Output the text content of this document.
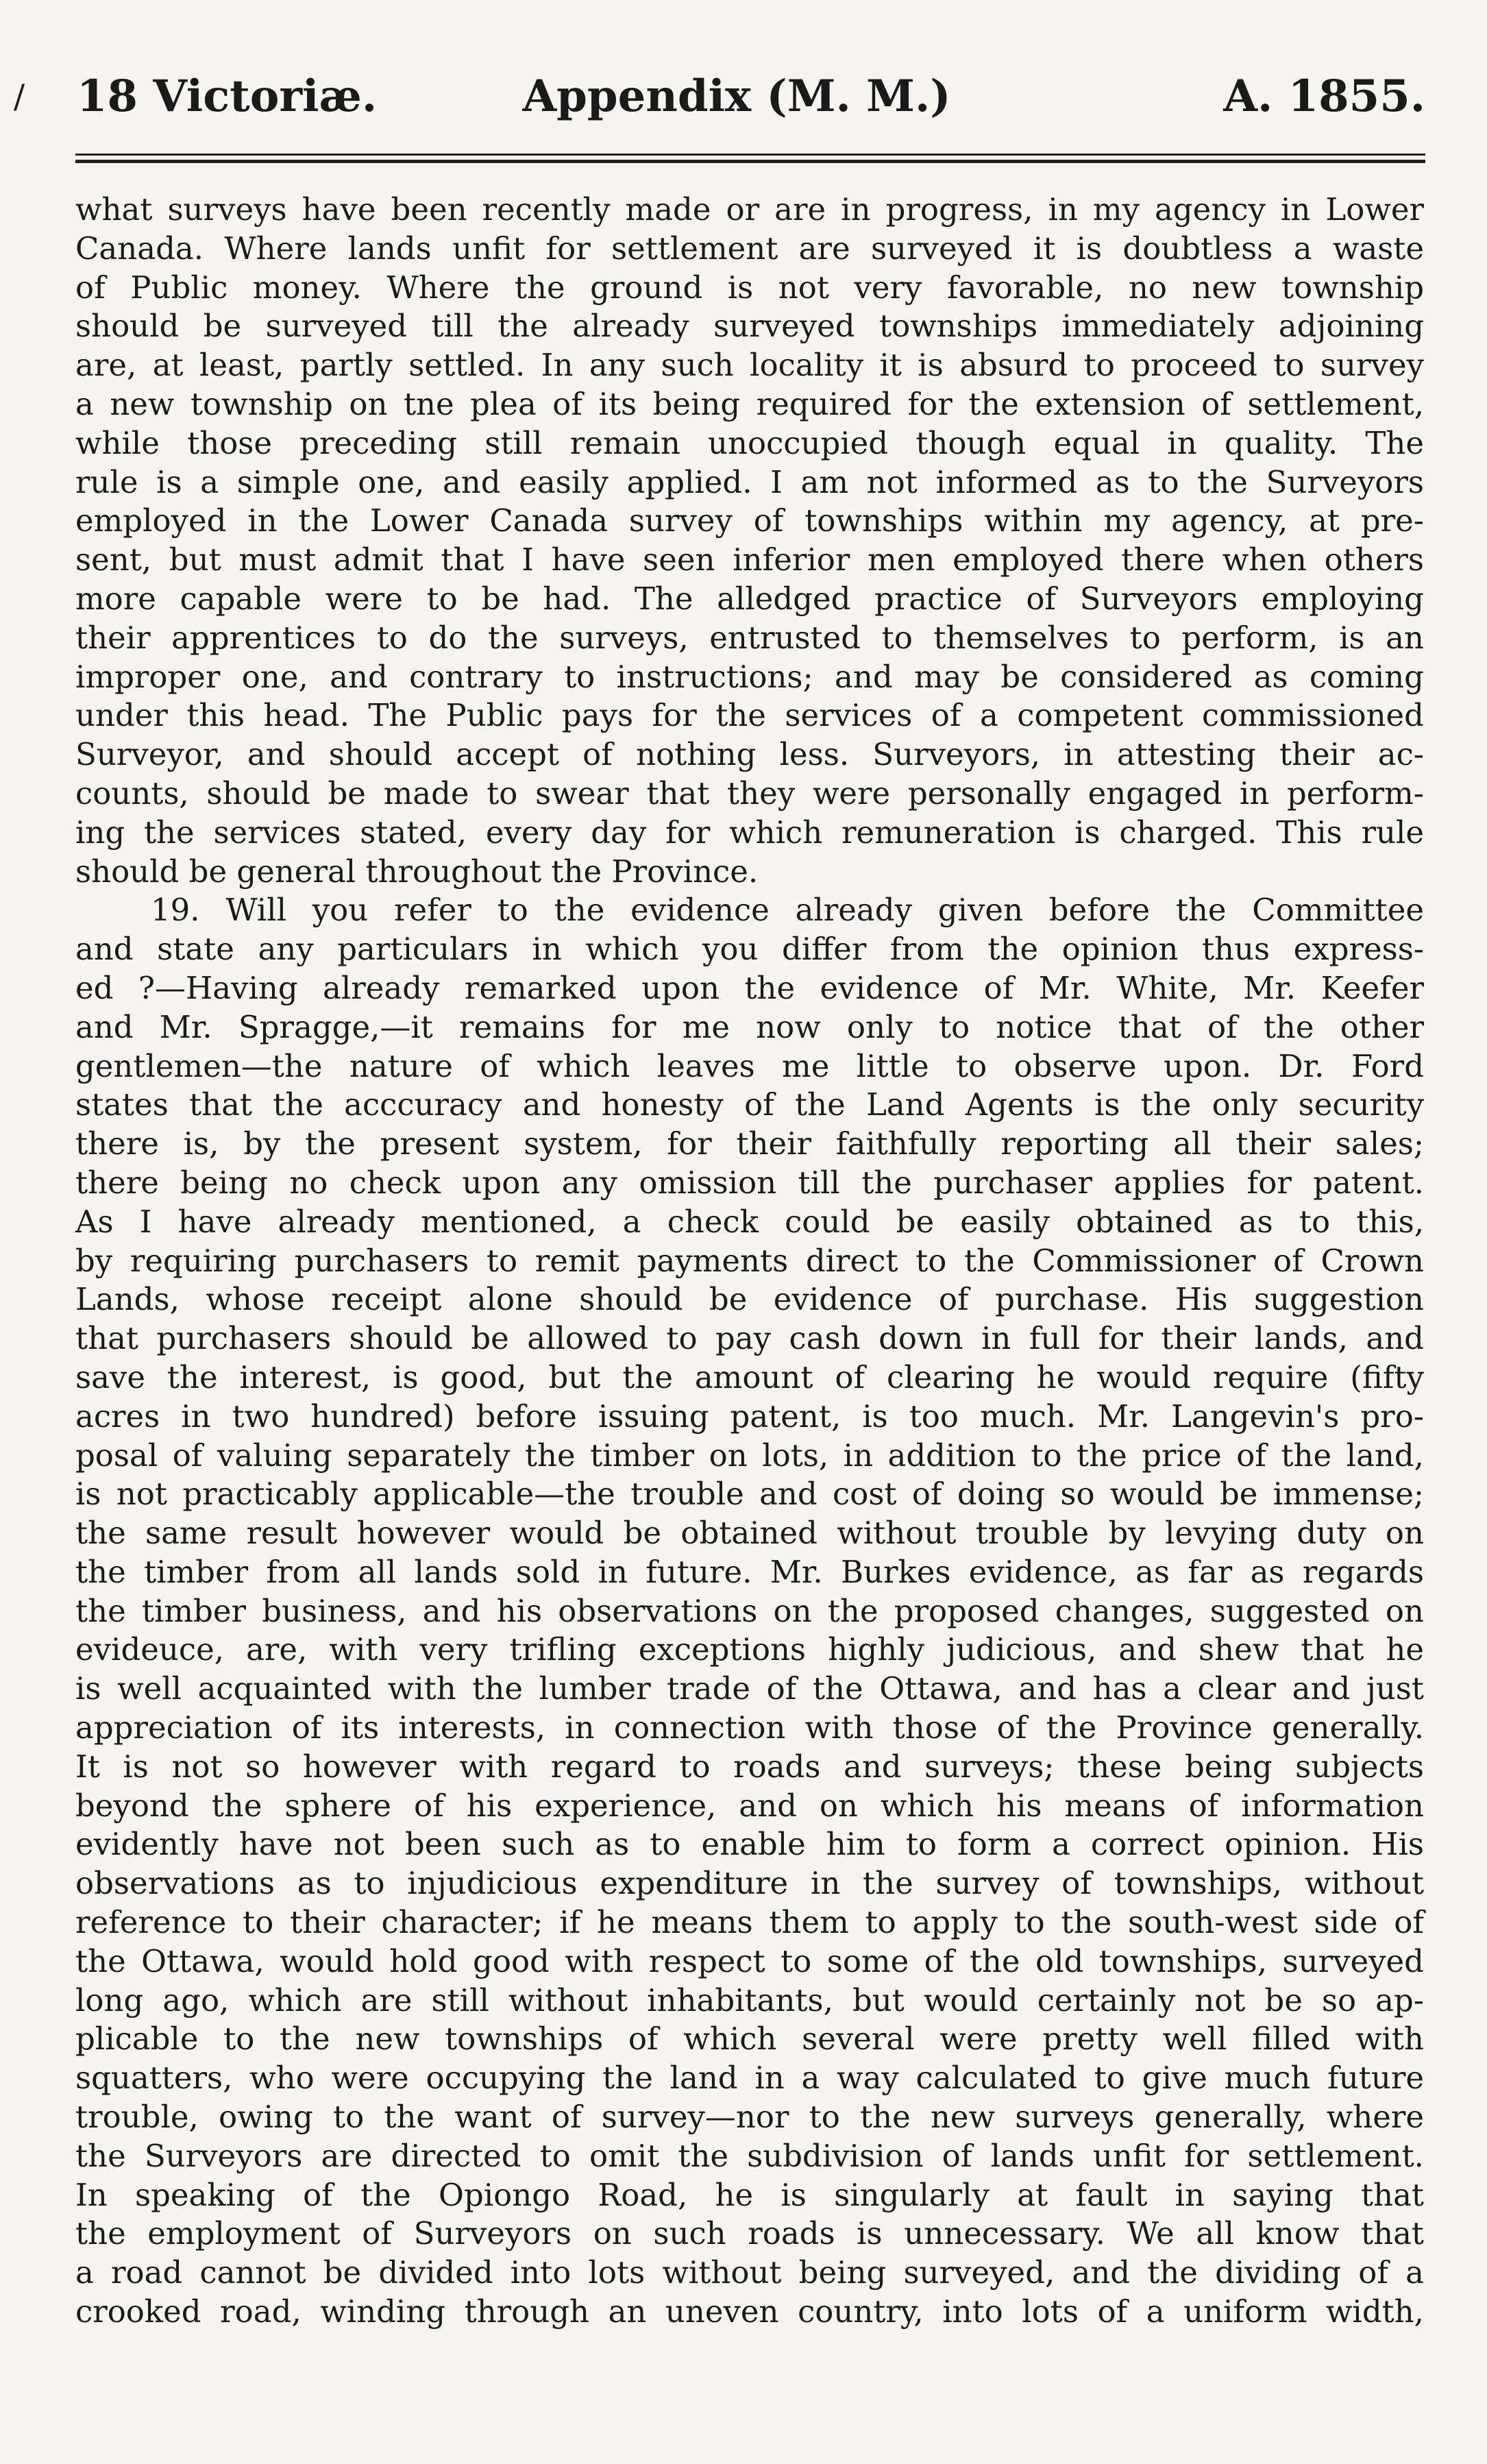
/ 18 Victoriæ.	Appendix (M. M.)	A. 1855.
what surveys have been recently made or are in progress, in my agency in Lower
Canada. Where lands unfit for settlement are surveyed it is doubtless a waste
of Public money. Where the ground is not very favorable, no new township
should be surveyed till the already surveyed townships immediately adjoining
are, at least, partly settled. In any such locality it is absurd to proceed to survey
a new township on tne plea of its being required for the extension of settlement,
while those preceding still remain unoccupied though equal in quality. The
rule is a simple one, and easily applied. I am not informed as to the Surveyors
employed in the Lower Canada survey of townships within my agency, at pre-
sent, but must admit that I have seen inferior men employed there when others
more capable were to be had. The alledged practice of Surveyors employing
their apprentices to do the surveys, entrusted to themselves to perform, is an
improper one, and contrary to instructions; and may be considered as coming
under this head. The Public pays for the services of a competent commissioned
Surveyor, and should accept of nothing less. Surveyors, in attesting their ac-
counts, should be made to swear that they were personally engaged in perform-
ing the services stated, every day for which remuneration is charged. This rule
should be general throughout the Province.
19. Will you refer to the evidence already given before the Committee
and state any particulars in which you differ from the opinion thus express-
ed ?—Having already remarked upon the evidence of Mr. White, Mr. Keefer
and Mr. Spragge,—it remains for me now only to notice that of the other
gentlemen—the nature of which leaves me little to observe upon. Dr. Ford
states that the acccuracy and honesty of the Land Agents is the only security
there is, by the present system, for their faithfully reporting all their sales;
there being no check upon any omission till the purchaser applies for patent.
As I have already mentioned, a check could be easily obtained as to this,
by requiring purchasers to remit payments direct to the Commissioner of Crown
Lands, whose receipt alone should be evidence of purchase. His suggestion
that purchasers should be allowed to pay cash down in full for their lands, and
save the interest, is good, but the amount of clearing he would require (fifty
acres in two hundred) before issuing patent, is too much. Mr. Langevin's pro-
posal of valuing separately the timber on lots, in addition to the price of the land,
is not practicably applicable—the trouble and cost of doing so would be immense;
the same result however would be obtained without trouble by levying duty on
the timber from all lands sold in future. Mr. Burkes evidence, as far as regards
the timber business, and his observations on the proposed changes, suggested on
evideuce, are, with very trifling exceptions highly judicious, and shew that he
is well acquainted with the lumber trade of the Ottawa, and has a clear and just
appreciation of its interests, in connection with those of the Province generally.
It is not so however with regard to roads and surveys; these being subjects
beyond the sphere of his experience, and on which his means of information
evidently have not been such as to enable him to form a correct opinion. His
observations as to injudicious expenditure in the survey of townships, without
reference to their character; if he means them to apply to the south-west side of
the Ottawa, would hold good with respect to some of the old townships, surveyed
long ago, which are still without inhabitants, but would certainly not be so ap-
plicable to the new townships of which several were pretty well filled with
squatters, who were occupying the land in a way calculated to give much future
trouble, owing to the want of survey—nor to the new surveys generally, where
the Surveyors are directed to omit the subdivision of lands unfit for settlement.
In speaking of the Opiongo Road, he is singularly at fault in saying that
the employment of Surveyors on such roads is unnecessary. We all know that
a road cannot be divided into lots without being surveyed, and the dividing of a
crooked road, winding through an uneven country, into lots of a uniform width,
